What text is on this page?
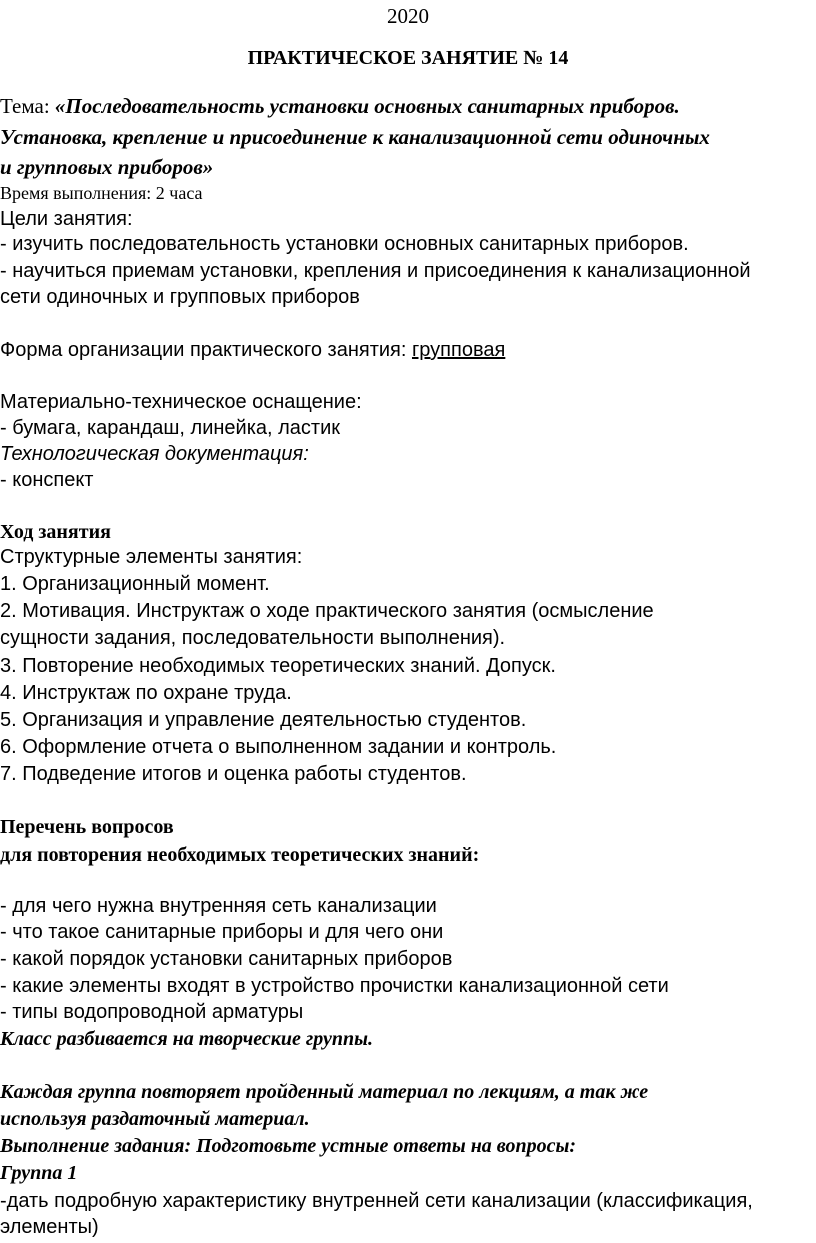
2020
ПРАКТИЧЕСКОЕ ЗАНЯТИЕ № 14
Тема: «Последовательность установки основных санитарных приборов.
Установка, крепление и присоединение к канализационной сети одиночных
и групповых приборов»
Время выполнения: 2 часа
Цели занятия:
- изучить последовательность установки основных санитарных приборов.
- научиться приемам установки, крепления и присоединения к канализационной
сети одиночных и групповых приборов
Форма организации практического занятия: групповая
Материально-техническое оснащение:
- бумага, карандаш, линейка, ластик
Технологическая документация:
- конспект
Ход занятия
Структурные элементы занятия:
1. Организационный момент.
2. Мотивация. Инструктаж о ходе практического занятия (осмысление
сущности задания, последовательности выполнения).
3. Повторение необходимых теоретических знаний. Допуск.
4. Инструктаж по охране труда.
5. Организация и управление деятельностью студентов.
6. Оформление отчета о выполненном задании и контроль.
7. Подведение итогов и оценка работы студентов.
Перечень вопросов
для повторения необходимых теоретических знаний:
- для чего нужна внутренняя сеть канализации
- что такое санитарные приборы и для чего они
- какой порядок установки санитарных приборов
- какие элементы входят в устройство прочистки канализационной сети
- типы водопроводной арматуры
Класс разбивается на творческие группы.
Каждая группа повторяет пройденный материал по лекциям, а так же
используя раздаточный материал.
Выполнение задания: Подготовьте устные ответы на вопросы:
Группа 1
-дать подробную характеристику внутренней сети канализации (классификация,
элементы)
